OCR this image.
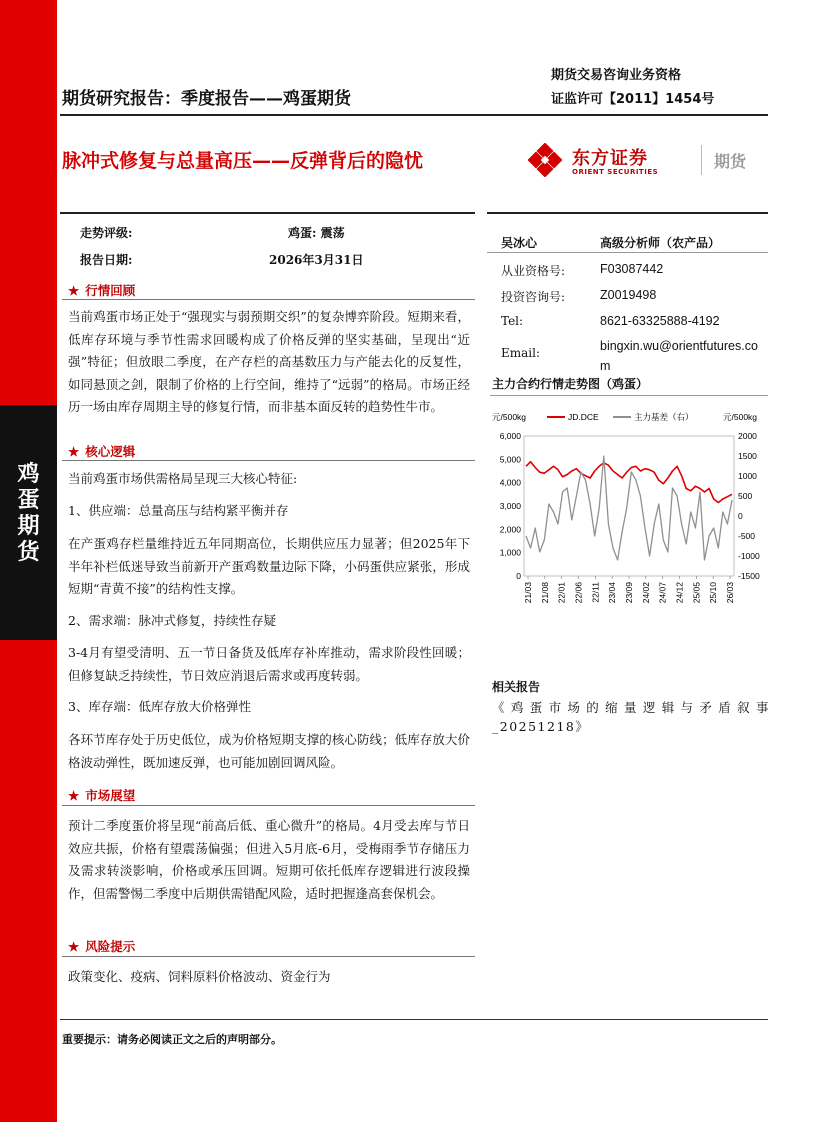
鸡
蛋
期
货
期货研究报告：季度报告——鸡蛋期货
期货交易咨询业务资格
证监许可【2011】1454号
脉冲式修复与总量高压——反弹背后的隐忧	东方证券
ORIENT SECURITIES
期货
走势评级:	鸡蛋: 震荡
报告日期:	2026年3月31日
★ 行情回顾
当前鸡蛋市场正处于“强现实与弱预期交织”的复杂博弈阶段。短期来看，低库存环境与季节性需求回暖构成了价格反弹的坚实基础，呈现出“近强”特征；但放眼二季度，在产存栏的高基数压力与产能去化的反复性，如同悬顶之剑，限制了价格的上行空间，维持了“远弱”的格局。市场正经历一场由库存周期主导的修复行情，而非基本面反转的趋势性牛市。
★ 核心逻辑
当前鸡蛋市场供需格局呈现三大核心特征:
1、供应端：总量高压与结构紧平衡并存
在产蛋鸡存栏量维持近五年同期高位，长期供应压力显著；但2025年下半年补栏低迷导致当前新开产蛋鸡数量边际下降，小码蛋供应紧张，形成短期“青黄不接”的结构性支撑。
2、需求端：脉冲式修复，持续性存疑
3-4月有望受清明、五一节日备货及低库存补库推动，需求阶段性回暖；但修复缺乏持续性，节日效应消退后需求或再度转弱。
3、库存端：低库存放大价格弹性
各环节库存处于历史低位，成为价格短期支撑的核心防线；低库存放大价格波动弹性，既加速反弹，也可能加剧回调风险。
★ 市场展望
预计二季度蛋价将呈现“前高后低、重心微升”的格局。4月受去库与节日效应共振，价格有望震荡偏强；但进入5月底-6月，受梅雨季节存储压力及需求转淡影响，价格或承压回调。短期可依托低库存逻辑进行波段操作，但需警惕二季度中后期供需错配风险，适时把握逢高套保机会。
★ 风险提示
政策变化、疫病、饲料原料价格波动、资金行为
吴冰心	高级分析师（农产品）
从业资格号:	F03087442
投资咨询号:	Z0019498
Tel:	8621-63325888-4192
Email:	bingxin.wu@orientfutures.com
主力合约行情走势图（鸡蛋）
元/500kg	元/500kg
JD.DCE	主力基差（右）
0
1,000
2,000
3,000
4,000
5,000
6,000
-1500
-1000
-500
0
500
1000
1500
2000
21/03 21/08 22/01 22/06 22/11 23/04 23/09 24/02 24/07 24/12 25/05 25/10 26/03
相关报告
《鸡蛋市场的缩量逻辑与矛盾叙事_20251218》
重要提示：请务必阅读正文之后的声明部分。
